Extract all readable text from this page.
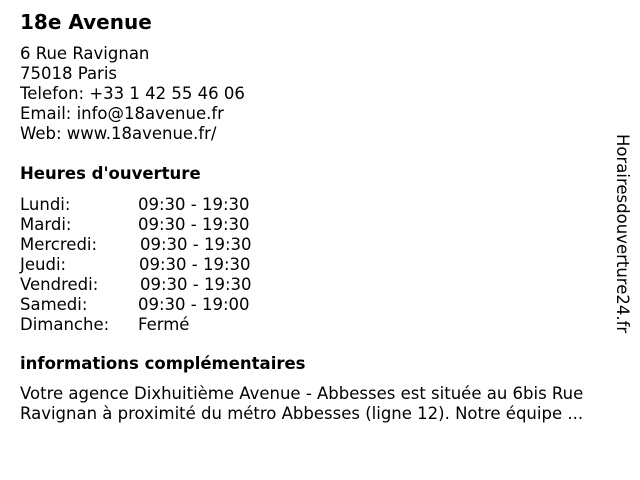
18e Avenue
6 Rue Ravignan
75018 Paris
Telefon: +33 1 42 55 46 06
Email: info@18avenue.fr
Web: www.18avenue.fr/
Heures d'ouverture
Lundi:	09:30 - 19:30
Mardi:	09:30 - 19:30
Mercredi:	09:30 - 19:30
Jeudi:	09:30 - 19:30
Vendredi:	09:30 - 19:30
Samedi:	09:30 - 19:00
Dimanche: Fermé
informations complémentaires
Votre agence Dixhuitième Avenue - Abbesses est située au 6bis Rue
Ravignan à proximité du métro Abbesses (ligne 12). Notre équipe ...
Horairesdouverture24.fr
